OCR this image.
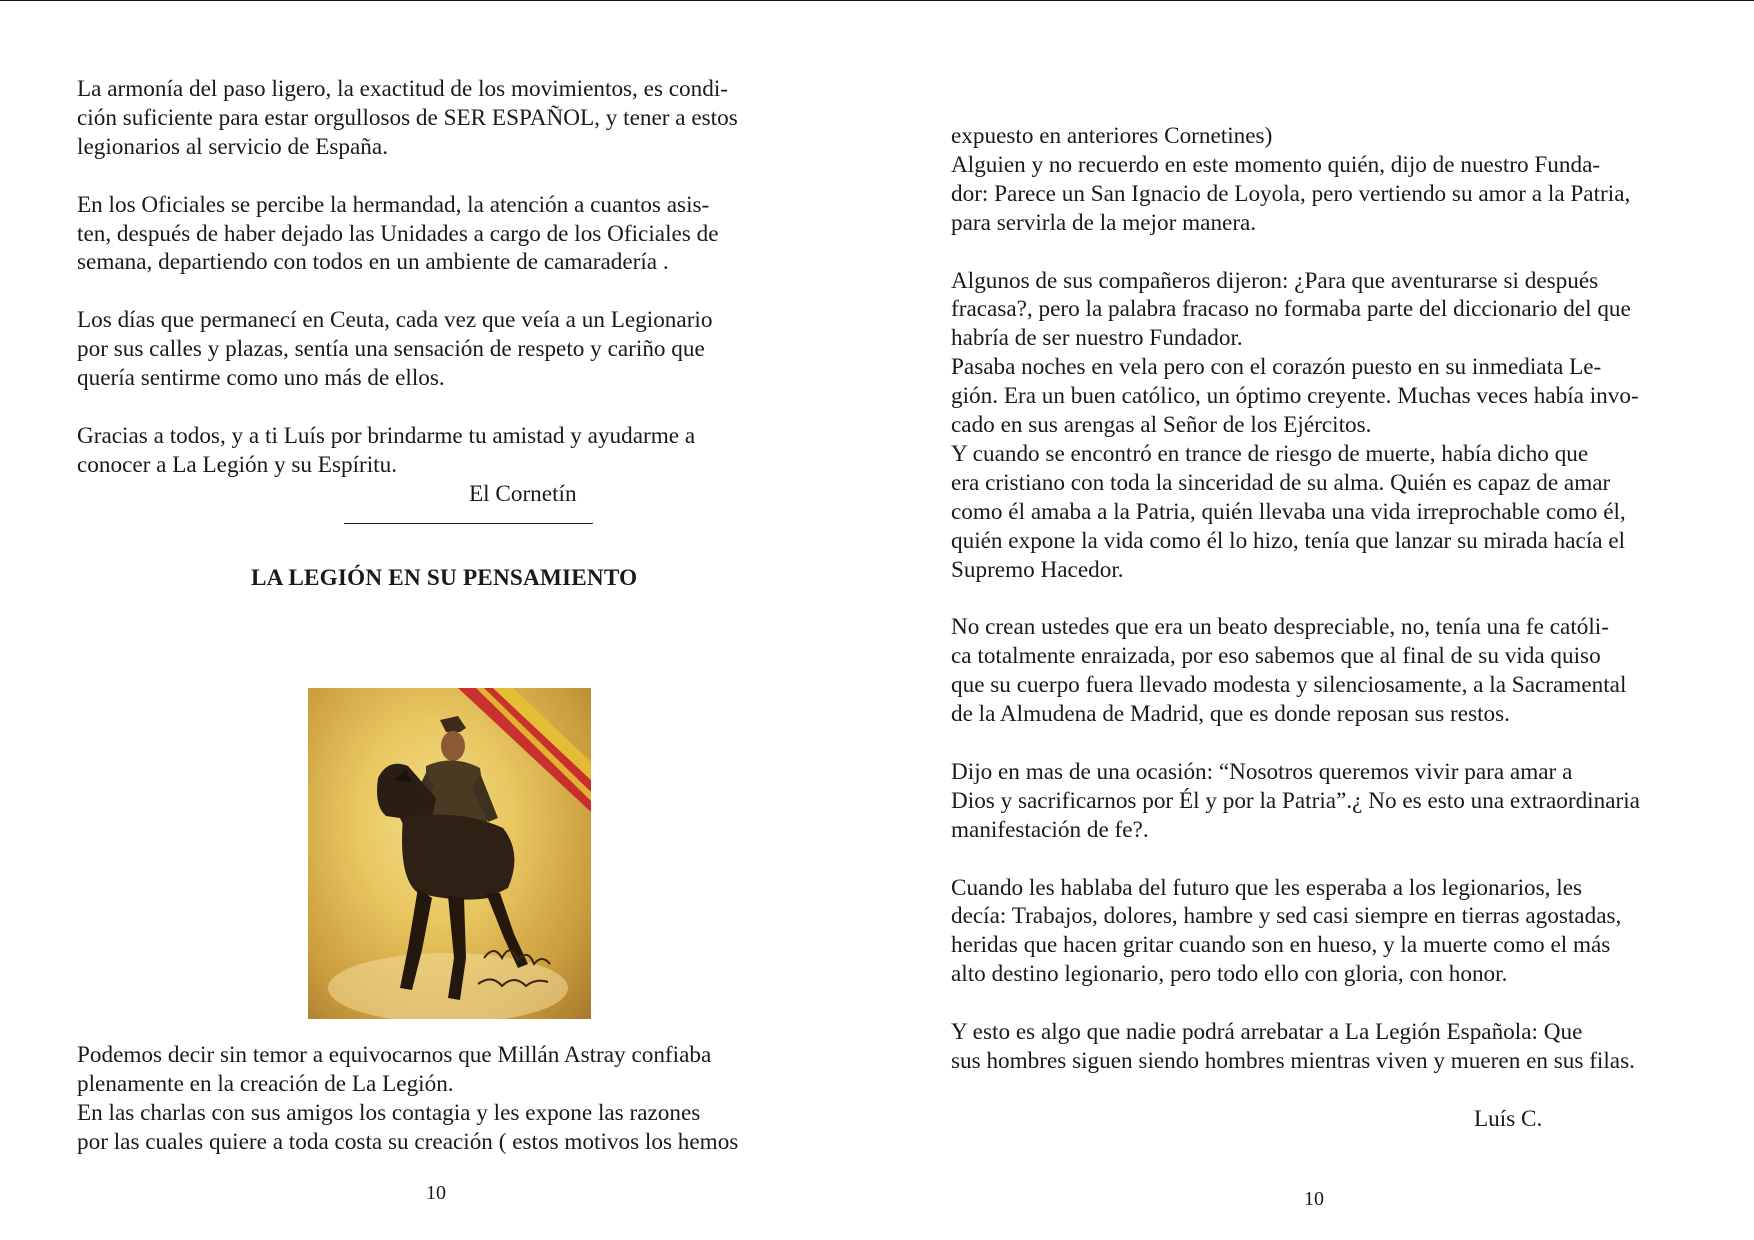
La armonía del paso ligero, la exactitud de los movimientos, es condi-
ción suficiente para estar orgullosos de SER ESPAÑOL, y tener a estos
legionarios al servicio de España.

En los Oficiales se percibe la hermandad, la atención a cuantos asis-
ten, después de haber dejado las Unidades a cargo de los Oficiales de
semana, departiendo con todos en un ambiente de camaradería .

Los días que permanecí en Ceuta, cada vez que veía a un Legionario
por sus calles y plazas, sentía una sensación de respeto y cariño que
quería sentirme como uno más de ellos.

Gracias a todos, y a ti Luís por brindarme tu amistad y ayudarme a
conocer a La Legión y su Espíritu.

El Cornetín

LA LEGIÓN EN SU PENSAMIENTO

Podemos decir sin temor a equivocarnos que Millán Astray confiaba
plenamente en la creación de La Legión.
En las charlas con sus amigos los contagia y les expone las razones
por las cuales quiere a toda costa su creación ( estos motivos los hemos

10

expuesto en anteriores Cornetines)
Alguien y no recuerdo en este momento quién, dijo de nuestro Funda-
dor: Parece un San Ignacio de Loyola, pero vertiendo su amor a la Patria,
para servirla de la mejor manera.

Algunos de sus compañeros dijeron: ¿Para que aventurarse si después
fracasa?, pero la palabra fracaso no formaba parte del diccionario del que
habría de ser nuestro Fundador.
Pasaba noches en vela pero con el corazón puesto en su inmediata Le-
gión. Era un buen católico, un óptimo creyente. Muchas veces había invo-
cado en sus arengas al Señor de los Ejércitos.
Y cuando se encontró en trance de riesgo de muerte, había dicho que
era cristiano con toda la sinceridad de su alma. Quién es capaz de amar
como él amaba a la Patria, quién llevaba una vida irreprochable como él,
quién expone la vida como él lo hizo, tenía que lanzar su mirada hacía el
Supremo Hacedor.

No crean ustedes que era un beato despreciable, no, tenía una fe católi-
ca totalmente enraizada, por eso sabemos que al final de su vida quiso
que su cuerpo fuera llevado modesta y silenciosamente, a la Sacramental
de la Almudena de Madrid, que es donde reposan sus restos.

Dijo en mas de una ocasión: “Nosotros queremos vivir para amar a
Dios y sacrificarnos por Él y por la Patria”.¿ No es esto una extraordinaria
manifestación de fe?.

Cuando les hablaba del futuro que les esperaba a los legionarios, les
decía: Trabajos, dolores, hambre y sed casi siempre en tierras agostadas,
heridas que hacen gritar cuando son en hueso, y la muerte como el más
alto destino legionario, pero todo ello con gloria, con honor.

Y esto es algo que nadie podrá arrebatar a La Legión Española: Que
sus hombres siguen siendo hombres mientras viven y mueren en sus filas.

Luís C.

10
